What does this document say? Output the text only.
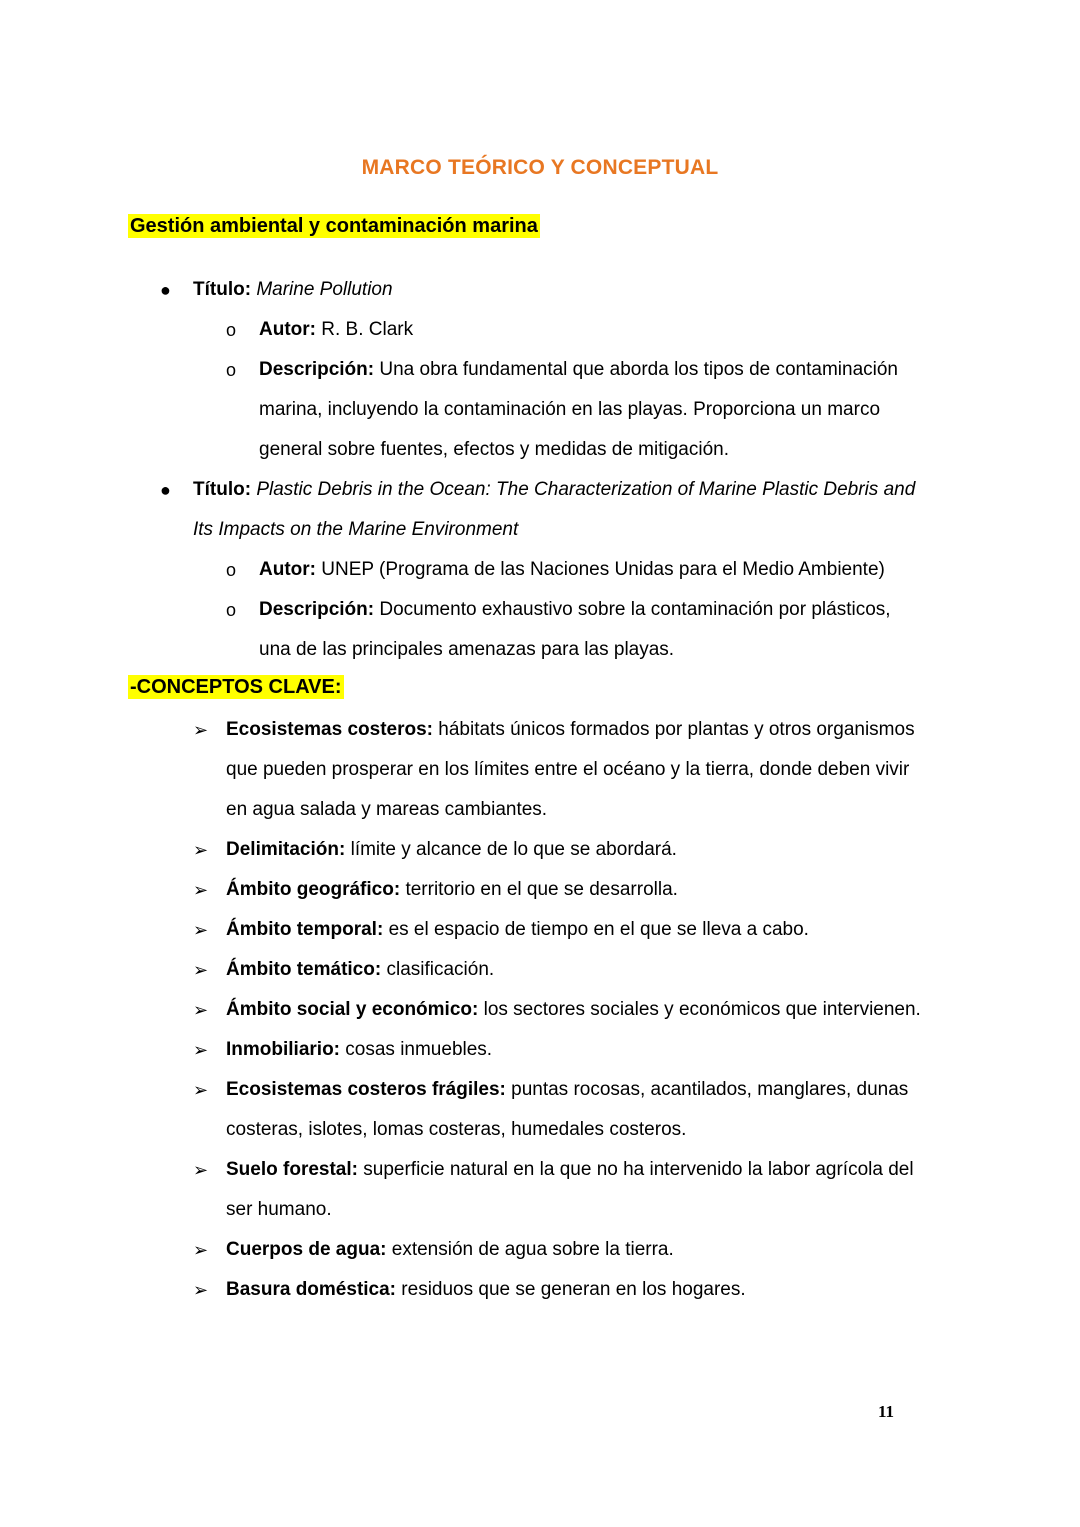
MARCO TEÓRICO Y CONCEPTUAL
Gestión ambiental y contaminación marina
● Título: Marine Pollution
o Autor: R. B. Clark
o Descripción: Una obra fundamental que aborda los tipos de contaminación
marina, incluyendo la contaminación en las playas. Proporciona un marco
general sobre fuentes, efectos y medidas de mitigación.
● Título: Plastic Debris in the Ocean: The Characterization of Marine Plastic Debris and
Its Impacts on the Marine Environment
o Autor: UNEP (Programa de las Naciones Unidas para el Medio Ambiente)
o Descripción: Documento exhaustivo sobre la contaminación por plásticos,
una de las principales amenazas para las playas.
-CONCEPTOS CLAVE:
➢ Ecosistemas costeros: hábitats únicos formados por plantas y otros organismos
que pueden prosperar en los límites entre el océano y la tierra, donde deben vivir
en agua salada y mareas cambiantes.
➢ Delimitación: límite y alcance de lo que se abordará.
➢ Ámbito geográfico: territorio en el que se desarrolla.
➢ Ámbito temporal: es el espacio de tiempo en el que se lleva a cabo.
➢ Ámbito temático: clasificación.
➢ Ámbito social y económico: los sectores sociales y económicos que intervienen.
➢ Inmobiliario: cosas inmuebles.
➢ Ecosistemas costeros frágiles: puntas rocosas, acantilados, manglares, dunas
costeras, islotes, lomas costeras, humedales costeros.
➢ Suelo forestal: superficie natural en la que no ha intervenido la labor agrícola del
ser humano.
➢ Cuerpos de agua: extensión de agua sobre la tierra.
➢ Basura doméstica: residuos que se generan en los hogares.
11
